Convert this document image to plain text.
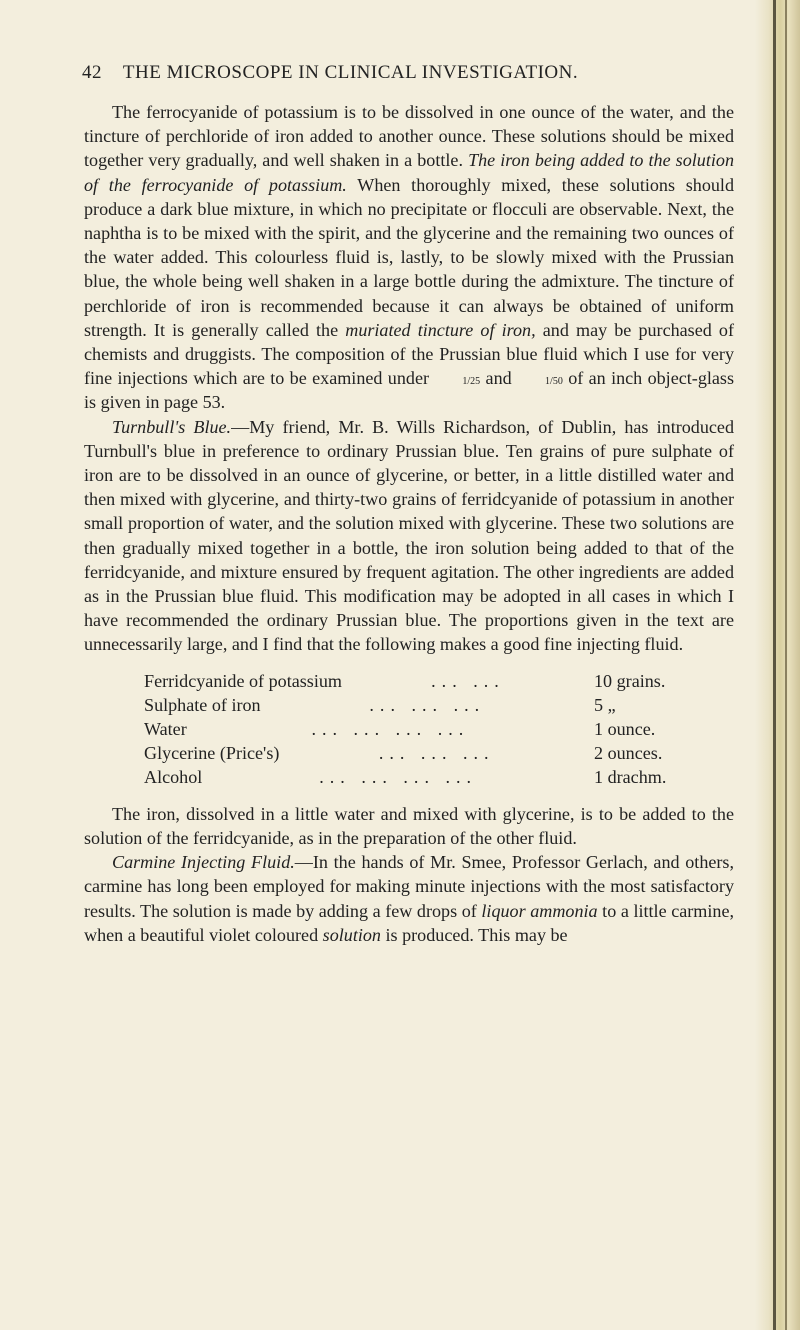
42 THE MICROSCOPE IN CLINICAL INVESTIGATION.

The ferrocyanide of potassium is to be dissolved in one ounce of the water, and the tincture of perchloride of iron added to another ounce. These solutions should be mixed together very gradually, and well shaken in a bottle. The iron being added to the solution of the ferrocyanide of potassium. When thoroughly mixed, these solutions should produce a dark blue mixture, in which no precipitate or flocculi are observable. Next, the naphtha is to be mixed with the spirit, and the glycerine and the remaining two ounces of the water added. This colourless fluid is, lastly, to be slowly mixed with the Prussian blue, the whole being well shaken in a large bottle during the admixture. The tincture of perchloride of iron is recommended because it can always be obtained of uniform strength. It is generally called the muriated tincture of iron, and may be purchased of chemists and druggists. The composition of the Prussian blue fluid which I use for very fine injections which are to be examined under	1/25 and	1/50 of an inch object-glass is given in page 53.

Turnbull's Blue.—My friend, Mr. B. Wills Richardson, of Dublin, has introduced Turnbull's blue in preference to ordinary Prussian blue. Ten grains of pure sulphate of iron are to be dissolved in an ounce of glycerine, or better, in a little distilled water and then mixed with glycerine, and thirty-two grains of ferridcyanide of potassium in another small proportion of water, and the solution mixed with glycerine. These two solutions are then gradually mixed together in a bottle, the iron solution being added to that of the ferridcyanide, and mixture ensured by frequent agitation. The other ingredients are added as in the Prussian blue fluid. This modification may be adopted in all cases in which I have recommended the ordinary Prussian blue. The proportions given in the text are unnecessarily large, and I find that the following makes a good fine injecting fluid.

Ferridcyanide of potassium	... ...	10 grains.
Sulphate of iron	... ... ...	5 „
Water	... ... ... ...	1 ounce.
Glycerine (Price's)	... ... ...	2 ounces.
Alcohol	... ... ... ...	1 drachm.

The iron, dissolved in a little water and mixed with glycerine, is to be added to the solution of the ferridcyanide, as in the preparation of the other fluid.

Carmine Injecting Fluid.—In the hands of Mr. Smee, Professor Gerlach, and others, carmine has long been employed for making minute injections with the most satisfactory results. The solution is made by adding a few drops of liquor ammonia to a little carmine, when a beautiful violet coloured solution is produced. This may be
